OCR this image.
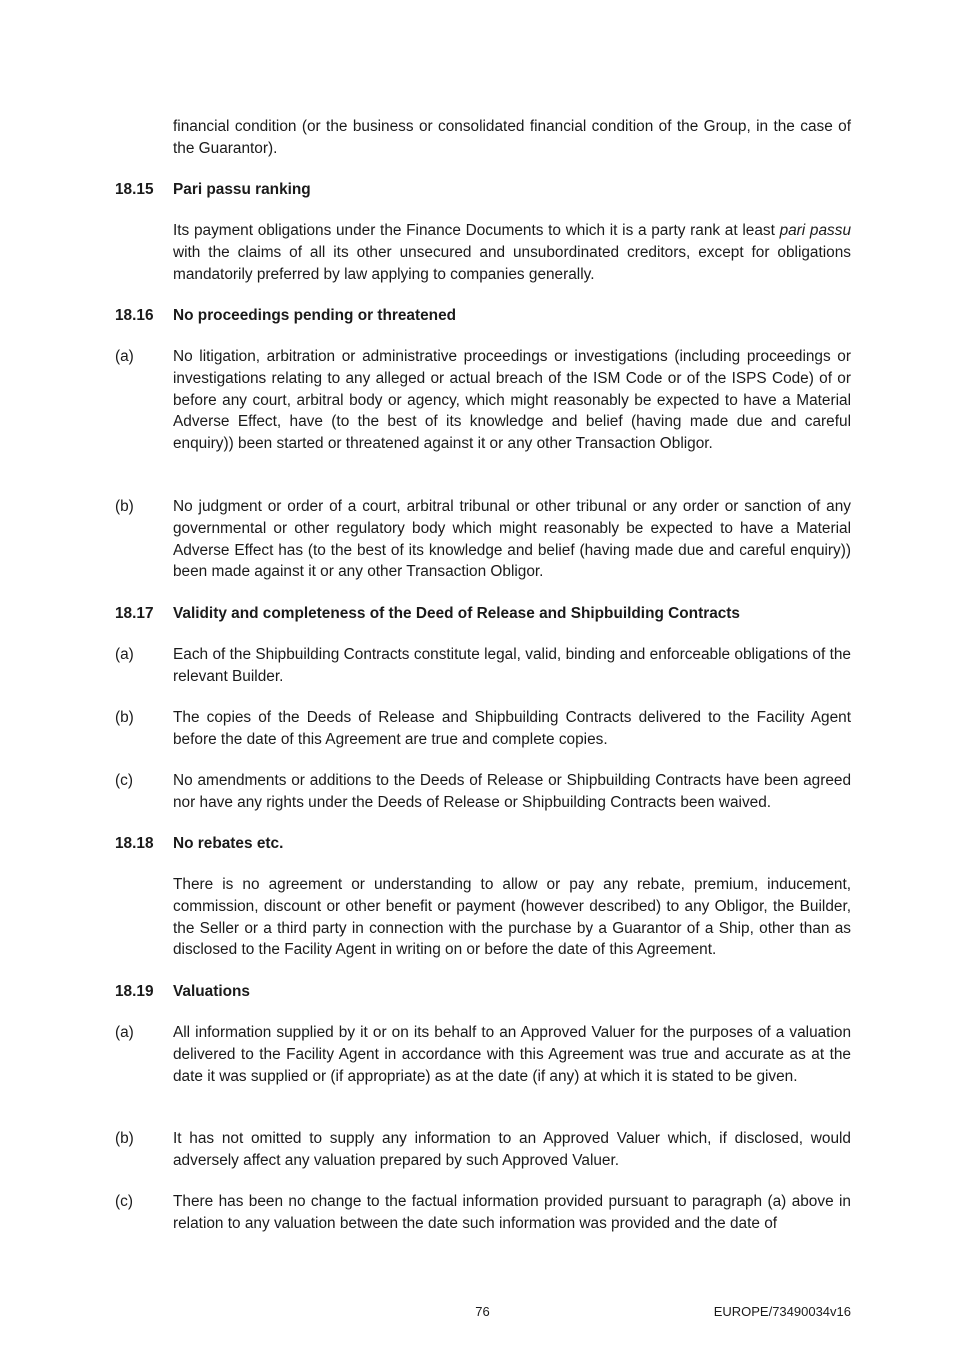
financial condition (or the business or consolidated financial condition of the Group, in the case of the Guarantor).

18.15 Pari passu ranking

Its payment obligations under the Finance Documents to which it is a party rank at least pari passu with the claims of all its other unsecured and unsubordinated creditors, except for obligations mandatorily preferred by law applying to companies generally.

18.16 No proceedings pending or threatened
(a)	No litigation, arbitration or administrative proceedings or investigations (including proceedings or investigations relating to any alleged or actual breach of the ISM Code or of the ISPS Code) of or before any court, arbitral body or agency, which might reasonably be expected to have a Material Adverse Effect, have (to the best of its knowledge and belief (having made due and careful enquiry)) been started or threatened against it or any other Transaction Obligor.

(b)	No judgment or order of a court, arbitral tribunal or other tribunal or any order or sanction of any governmental or other regulatory body which might reasonably be expected to have a Material Adverse Effect has (to the best of its knowledge and belief (having made due and careful enquiry)) been made against it or any other Transaction Obligor.

18.17 Validity and completeness of the Deed of Release and Shipbuilding Contracts
(a)	Each of the Shipbuilding Contracts constitute legal, valid, binding and enforceable obligations of the relevant Builder.

(b)	The copies of the Deeds of Release and Shipbuilding Contracts delivered to the Facility Agent before the date of this Agreement are true and complete copies.

(c)	No amendments or additions to the Deeds of Release or Shipbuilding Contracts have been agreed nor have any rights under the Deeds of Release or Shipbuilding Contracts been waived.

18.18 No rebates etc.

There is no agreement or understanding to allow or pay any rebate, premium, inducement, commission, discount or other benefit or payment (however described) to any Obligor, the Builder, the Seller or a third party in connection with the purchase by a Guarantor of a Ship, other than as disclosed to the Facility Agent in writing on or before the date of this Agreement.

18.19 Valuations
(a)	All information supplied by it or on its behalf to an Approved Valuer for the purposes of a valuation delivered to the Facility Agent in accordance with this Agreement was true and accurate as at the date it was supplied or (if appropriate) as at the date (if any) at which it is stated to be given.

(b)	It has not omitted to supply any information to an Approved Valuer which, if disclosed, would adversely affect any valuation prepared by such Approved Valuer.

(c)	There has been no change to the factual information provided pursuant to paragraph (a) above in relation to any valuation between the date such information was provided and the date of

76	EUROPE/73490034v16
